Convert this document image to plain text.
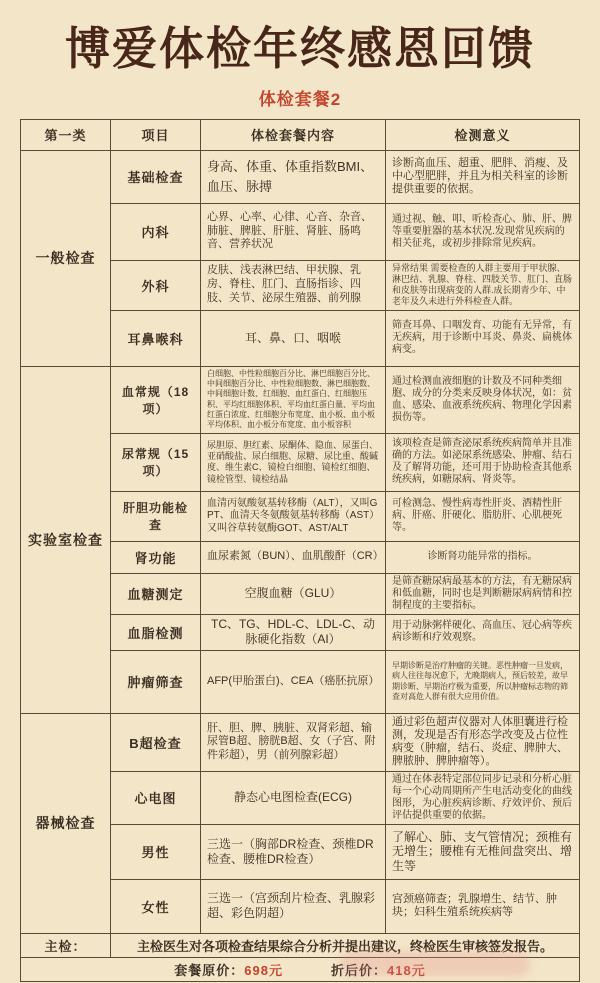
博爱体检年终感恩回馈
体检套餐2
第一类	项目	体检套餐内容	检测意义
一般检查	基础检查	身高、体重、体重指数BMI、血压、脉搏	诊断高血压、超重、肥胖、消瘦、及中心型肥胖，并且为相关科室的诊断提供重要的依据。
	内科	心界、心率、心律、心音、杂音、肺脏、脾脏、肝脏、肾脏、肠鸣音、营养状况	通过视、触、叩、听检查心、肺、肝、脾等重要脏器的基本状况.发现常见疾病的相关征兆，或初步排除常见疾病。
	外科	皮肤、浅表淋巴结、甲状腺、乳房、脊柱、肛门、直肠指诊、四肢、关节、泌尿生殖器、前列腺	异常结果 需要检查的人群主要用于甲状腺、淋巴结、乳腺、脊柱、四肢关节、肛门、直肠和皮肤等出现病变的人群.成长期青少年、中老年及久未进行外科检查人群。
	耳鼻喉科	耳、鼻、口、咽喉	筛查耳鼻、口咽发育、功能有无异常，有无疾病，用于诊断中耳炎、鼻炎、扁桃体病变。
实验室检查	血常规（18项）	白细胞、中性粒细胞百分比、淋巴细胞百分比、中间细胞百分比、中性粒细胞数、淋巴细胞数、中间细胞计数、红细胞、血红蛋白、红细胞压积、平均红细胞体积、平均血红蛋白量、平均血红蛋白浓度、红细胞分布宽度、血小板、血小板平均体积、血小板分布宽度、血小板容积	通过检测血液细胞的计数及不同种类细胞、成分的分类来反映身体状况，如：贫血、感染、血液系统疾病、物理化学因素损伤等。
	尿常规（15项）	尿胆原、胆红素、尿酮体、隐血、尿蛋白、亚硝酸盐、尿白细胞、尿糖、尿比重、酸碱度、维生素C、镜检白细胞、镜检红细胞、镜检管型、镜检结晶	该项检查是筛查泌尿系统疾病简单并且准确的方法。如泌尿系统感染、肿瘤、结石及了解肾功能，还可用于协助检查其他系统疾病，如糖尿病、肾炎等。
	肝胆功能检查	血清丙氨酸氨基转移酶（ALT），又叫GPT、血清天冬氨酸氨基转移酶（AST）又叫谷草转氨酶GOT、AST/ALT	可检测急、慢性病毒性肝炎、酒精性肝病、肝癌、肝硬化、脂肪肝、心肌梗死等。
	肾功能	血尿素氮（BUN）、血肌酸酐（CR）	诊断肾功能异常的指标。
	血糖测定	空腹血糖（GLU）	是筛查糖尿病最基本的方法，有无糖尿病和低血糖，同时也是判断糖尿病病情和控制程度的主要指标。
	血脂检测	TC、TG、HDL-C、LDL-C、动脉硬化指数（AI）	用于动脉粥样硬化、高血压、冠心病等疾病诊断和疗效观察。
	肿瘤筛查	AFP(甲胎蛋白)、CEA（癌胚抗原）	早期诊断是治疗肿瘤的关键。恶性肿瘤一旦发病，病人往往每况愈下，尤晚期病人，预后较差，故早期诊断、早期治疗极为重要，所以肿瘤标志物的筛查对高危人群有很大应用价值。
器械检查	B超检查	肝、胆、脾、胰脏、双肾彩超、输尿管B超、膀胱B超、女（子宫、附件彩超），男（前列腺彩超）	通过彩色超声仪器对人体胆囊进行检测，发现是否有形态学改变及占位性病变（肿瘤，结石、炎症、脾肿大、脾脓肿、脾肿瘤等）。
	心电图	静态心电图检查(ECG)	通过在体表特定部位同步记录和分析心脏每一个心动周期所产生电活动变化的曲线图形，为心脏疾病诊断、疗效评价、预后评估提供重要的依据。
	男性	三选一（胸部DR检查、颈椎DR检查、腰椎DR检查）	了解心、肺、支气管情况；颈椎有无增生；腰椎有无椎间盘突出、增生等
	女性	三选一（宫颈刮片检查、乳腺彩超、彩色阴超）	宫颈癌筛查；乳腺增生、结节、肿块；妇科生殖系统疾病等
主检：	主检医生对各项检查结果综合分析并提出建议，终检医生审核签发报告。		

套餐原价：698元 折后价：418元			
